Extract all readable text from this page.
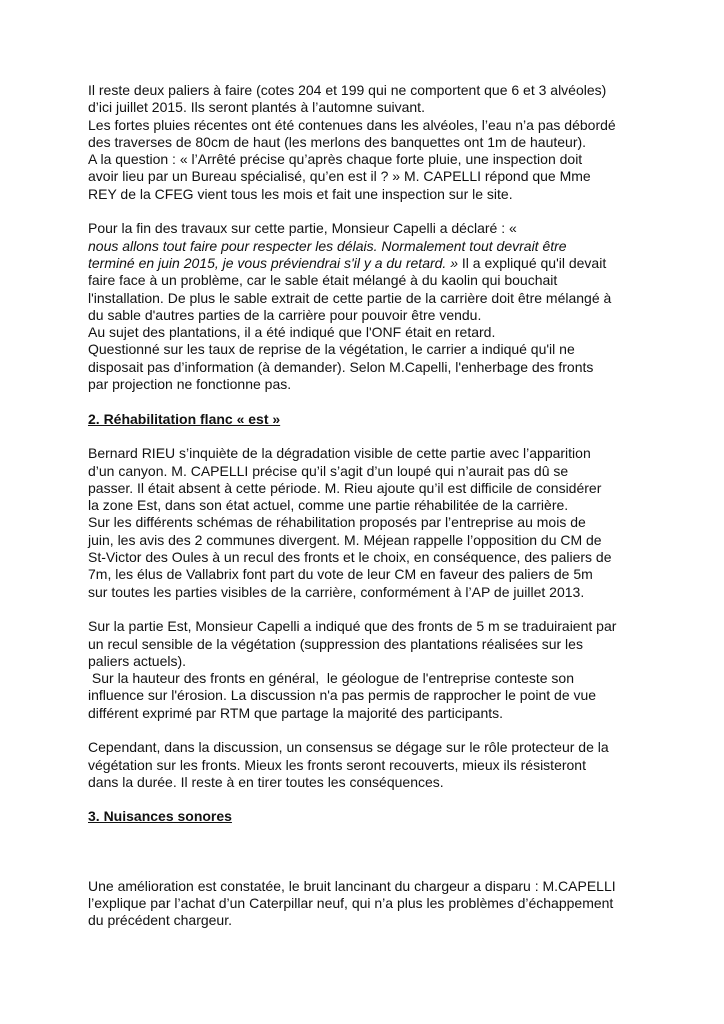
Il reste deux paliers à faire (cotes 204 et 199 qui ne comportent que 6 et 3 alvéoles)
d’ici juillet 2015. Ils seront plantés à l’automne suivant.
Les fortes pluies récentes ont été contenues dans les alvéoles, l’eau n’a pas débordé
des traverses de 80cm de haut (les merlons des banquettes ont 1m de hauteur).
A la question : « l’Arrêté précise qu’après chaque forte pluie, une inspection doit
avoir lieu par un Bureau spécialisé, qu’en est il ? » M. CAPELLI répond que Mme
REY de la CFEG vient tous les mois et fait une inspection sur le site.

Pour la fin des travaux sur cette partie, Monsieur Capelli a déclaré : «
nous allons tout faire pour respecter les délais. Normalement tout devrait être
terminé en juin 2015, je vous préviendrai s'il y a du retard. » Il a expliqué qu'il devait
faire face à un problème, car le sable était mélangé à du kaolin qui bouchait
l'installation. De plus le sable extrait de cette partie de la carrière doit être mélangé à
du sable d'autres parties de la carrière pour pouvoir être vendu.
Au sujet des plantations, il a été indiqué que l'ONF était en retard.
Questionné sur les taux de reprise de la végétation, le carrier a indiqué qu'il ne
disposait pas d’information (à demander). Selon M.Capelli, l'enherbage des fronts
par projection ne fonctionne pas.

2. Réhabilitation flanc « est »

Bernard RIEU s’inquiète de la dégradation visible de cette partie avec l’apparition
d’un canyon. M. CAPELLI précise qu’il s’agit d’un loupé qui n’aurait pas dû se
passer. Il était absent à cette période. M. Rieu ajoute qu’il est difficile de considérer
la zone Est, dans son état actuel, comme une partie réhabilitée de la carrière.
Sur les différents schémas de réhabilitation proposés par l’entreprise au mois de
juin, les avis des 2 communes divergent. M. Méjean rappelle l’opposition du CM de
St-Victor des Oules à un recul des fronts et le choix, en conséquence, des paliers de
7m, les élus de Vallabrix font part du vote de leur CM en faveur des paliers de 5m
sur toutes les parties visibles de la carrière, conformément à l’AP de juillet 2013.

Sur la partie Est, Monsieur Capelli a indiqué que des fronts de 5 m se traduiraient par
un recul sensible de la végétation (suppression des plantations réalisées sur les
paliers actuels).
Sur la hauteur des fronts en général,  le géologue de l'entreprise conteste son
influence sur l'érosion. La discussion n'a pas permis de rapprocher le point de vue
différent exprimé par RTM que partage la majorité des participants.

Cependant, dans la discussion, un consensus se dégage sur le rôle protecteur de la
végétation sur les fronts. Mieux les fronts seront recouverts, mieux ils résisteront
dans la durée. Il reste à en tirer toutes les conséquences.

3. Nuisances sonores

Une amélioration est constatée, le bruit lancinant du chargeur a disparu : M.CAPELLI
l’explique par l’achat d’un Caterpillar neuf, qui n’a plus les problèmes d’échappement
du précédent chargeur.
